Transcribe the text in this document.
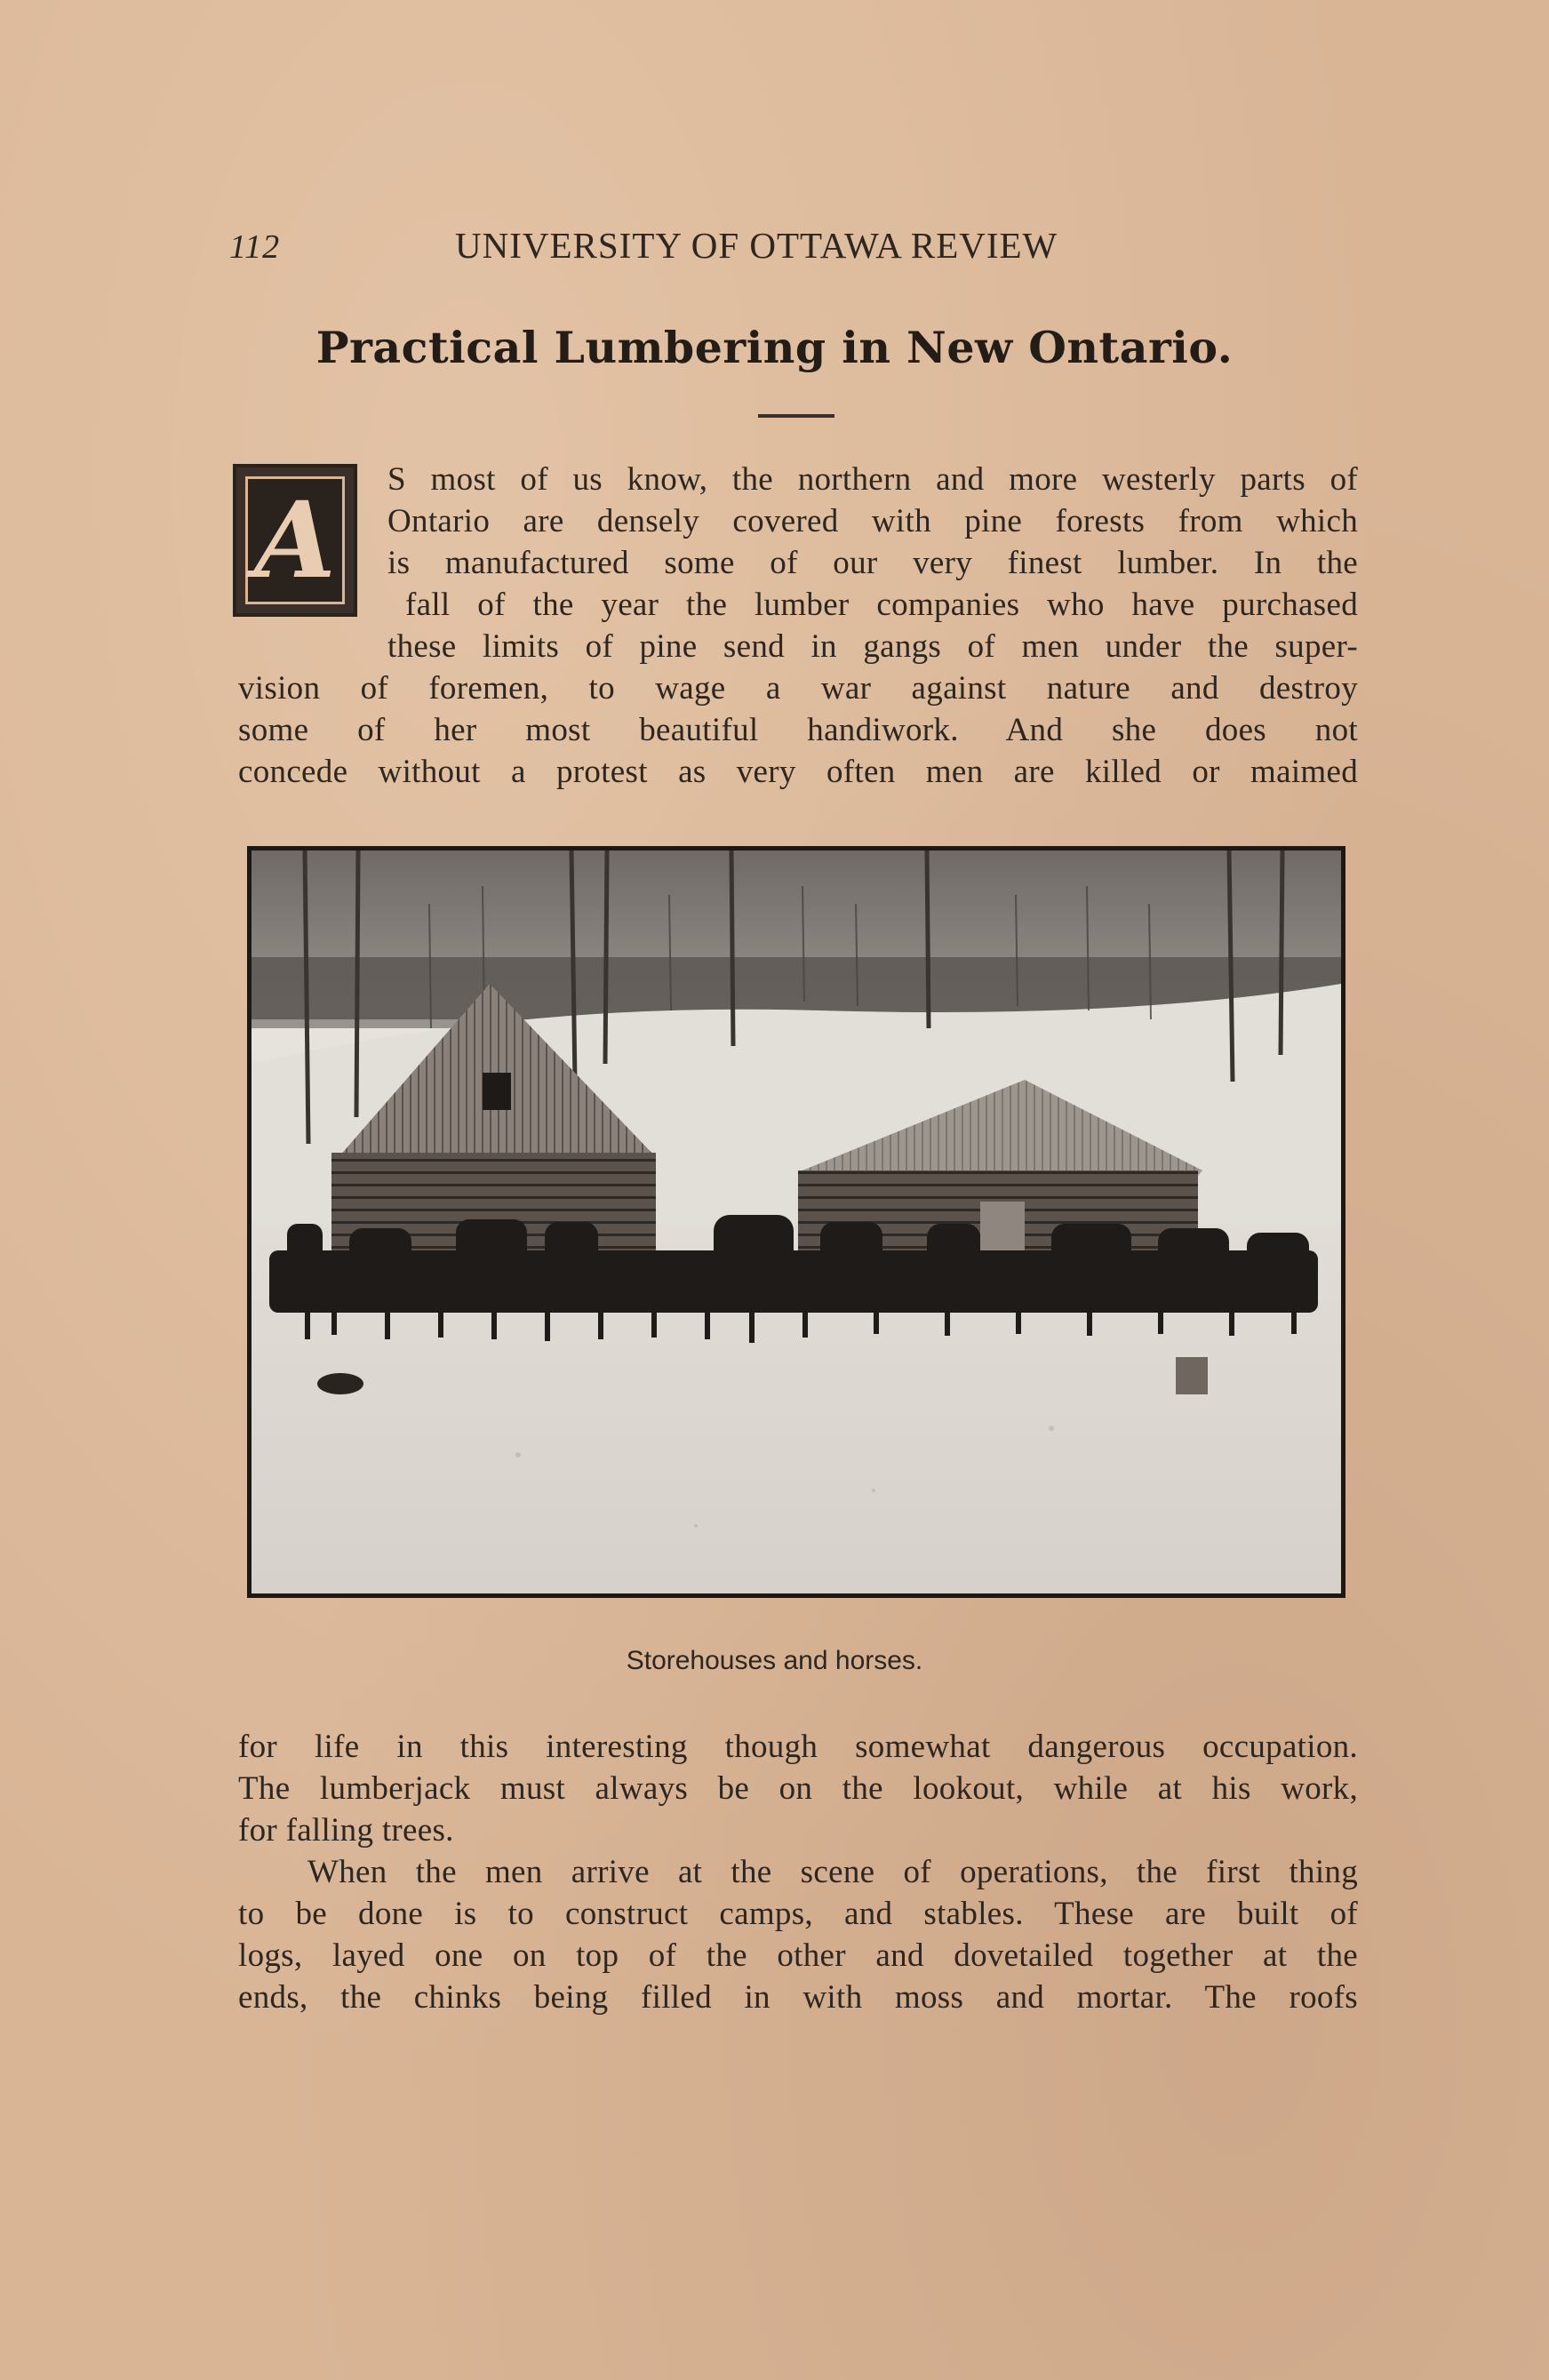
112	UNIVERSITY OF OTTAWA REVIEW
Practical Lumbering in New Ontario.
A S most of us know, the northern and more westerly parts of
Ontario are densely covered with pine forests from which
is manufactured some of our very finest lumber. In the
fall of the year the lumber companies who have purchased
these limits of pine send in gangs of men under the super-
vision of foremen, to wage a war against nature and destroy
some of her most beautiful handiwork. And she does not
concede without a protest as very often men are killed or maimed
Storehouses and horses.
for life in this interesting though somewhat dangerous occupation.
The lumberjack must always be on the lookout, while at his work,
for falling trees.
When the men arrive at the scene of operations, the first thing
to be done is to construct camps, and stables. These are built of
logs, layed one on top of the other and dovetailed together at the
ends, the chinks being filled in with moss and mortar. The roofs
